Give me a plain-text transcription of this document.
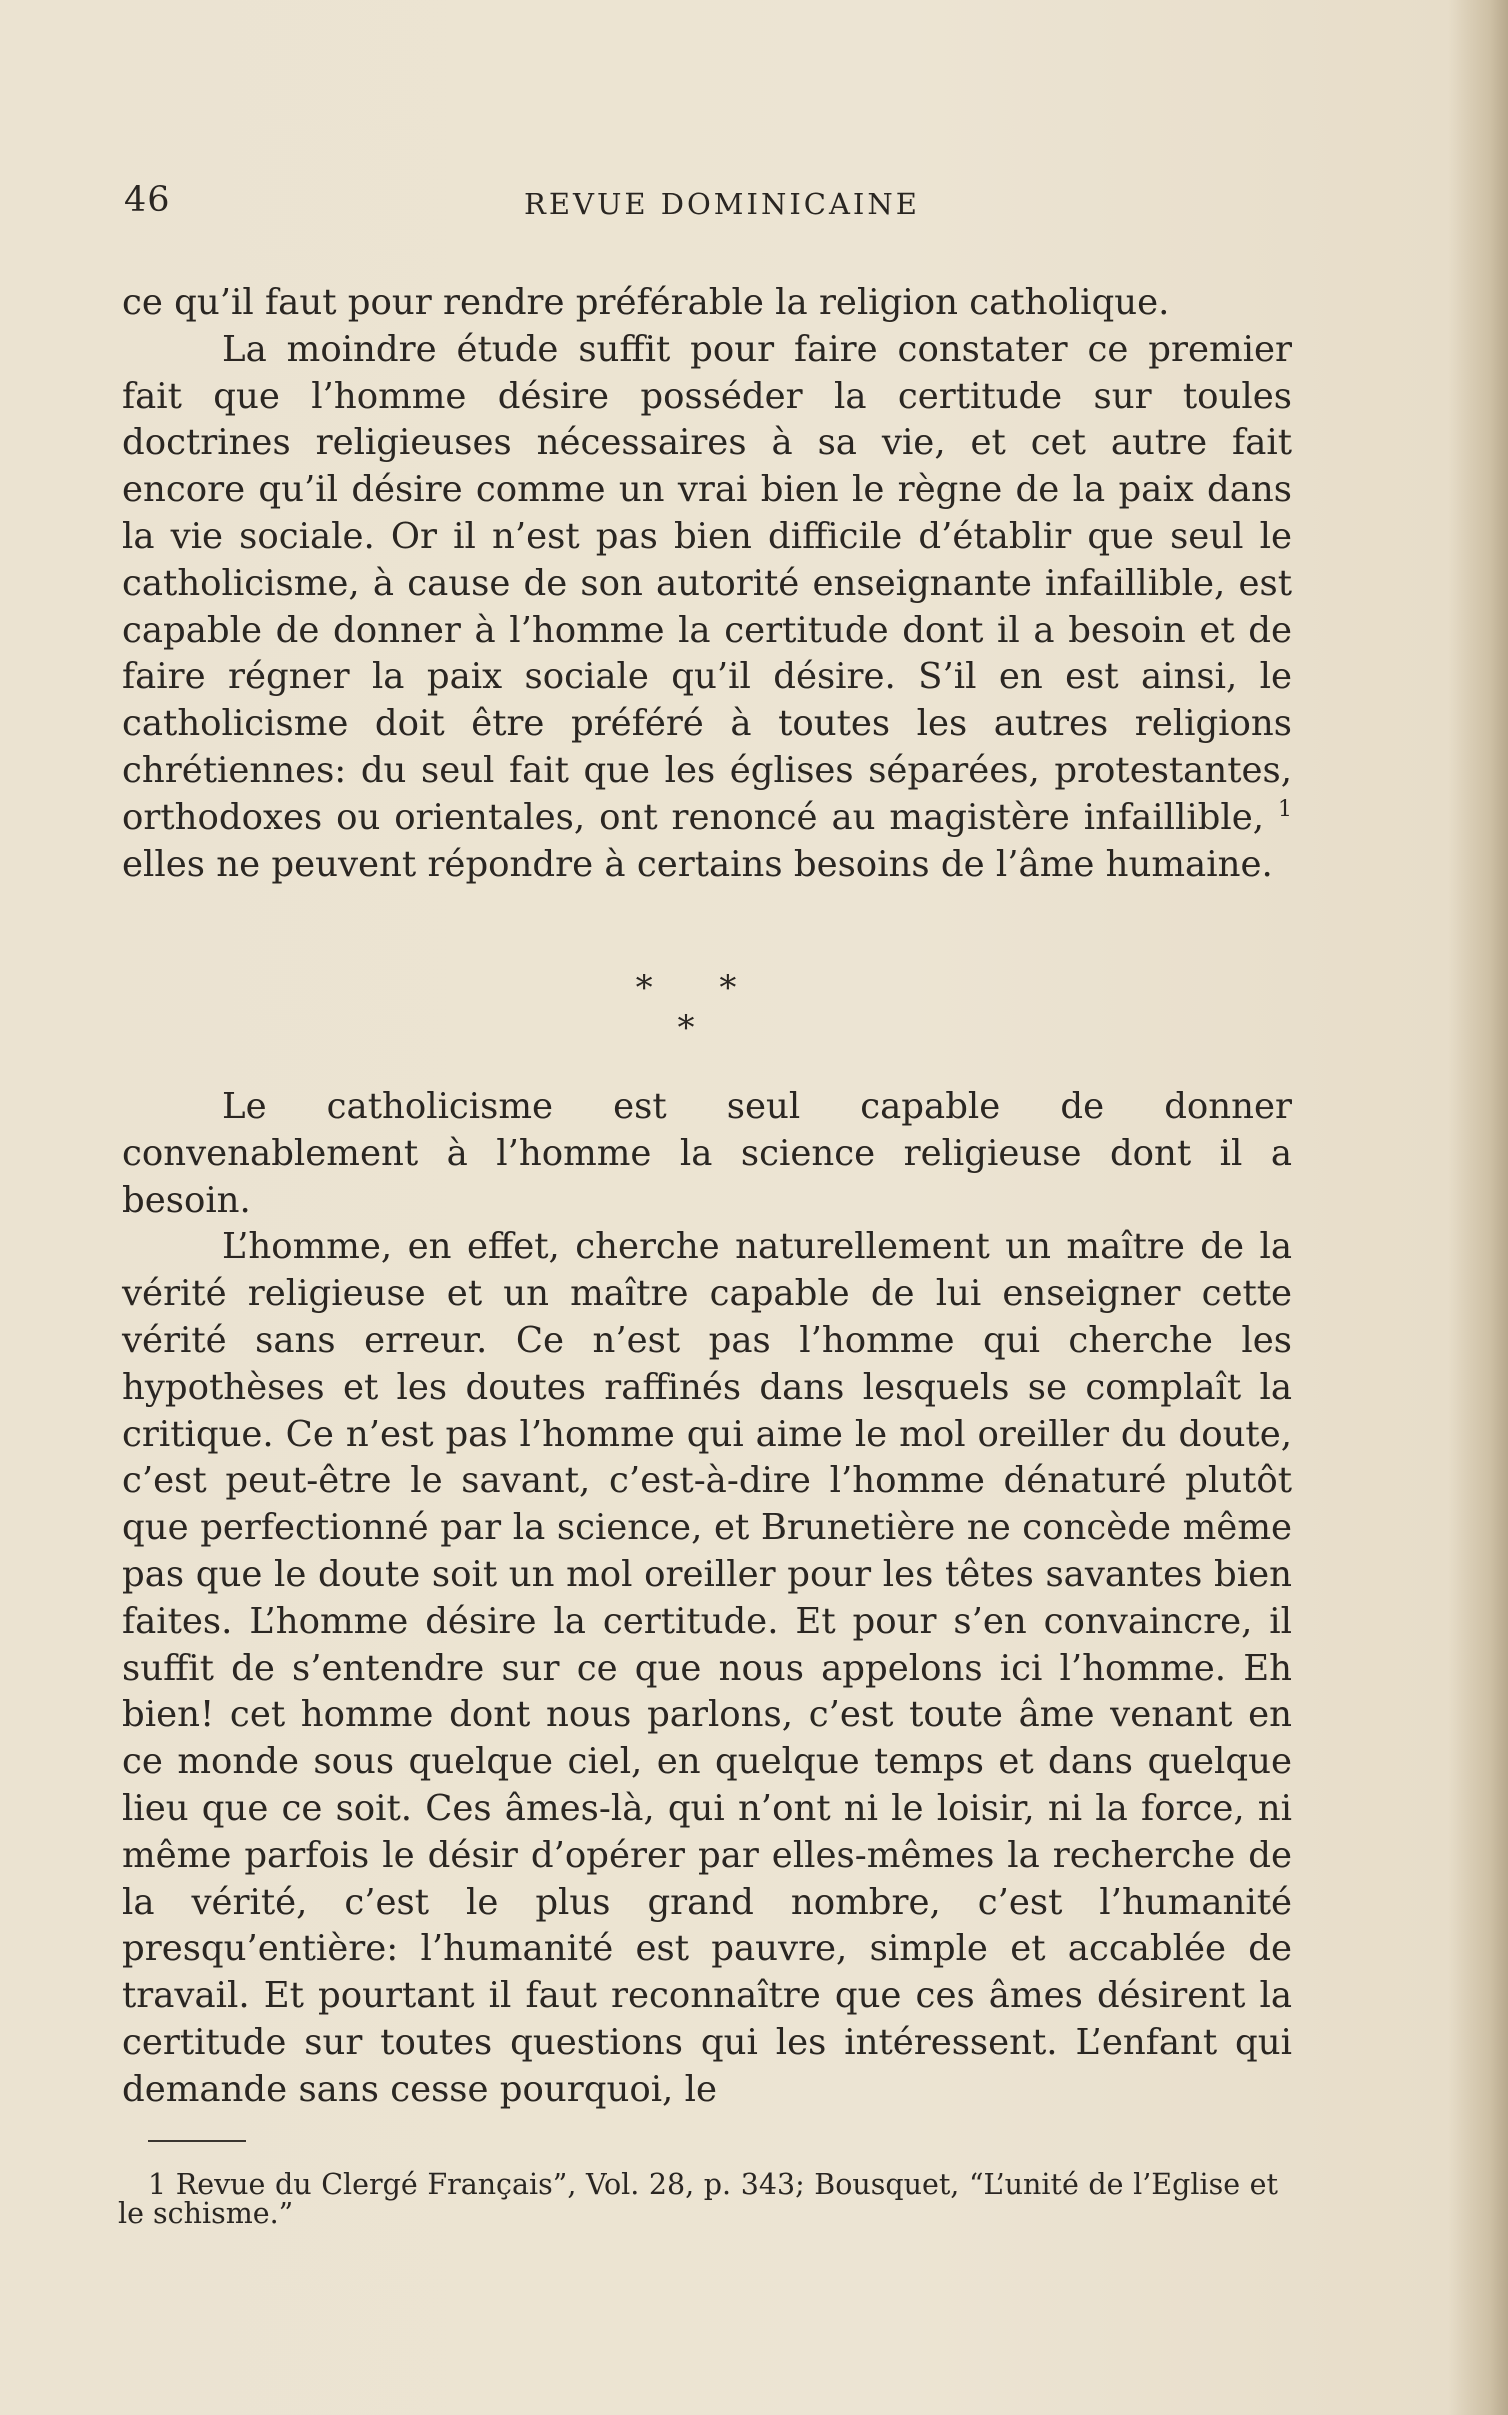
46	REVUE DOMINICAINE

ce qu’il faut pour rendre préférable la religion catholique.

La moindre étude suffit pour faire constater ce premier fait que l’homme désire posséder la certitude sur toules doctrines religieuses nécessaires à sa vie, et cet autre fait encore qu’il désire comme un vrai bien le règne de la paix dans la vie sociale. Or il n’est pas bien difficile d’établir que seul le catholicisme, à cause de son autorité enseignante infaillible, est capable de donner à l’homme la certitude dont il a besoin et de faire régner la paix sociale qu’il désire. S’il en est ainsi, le catholicisme doit être préféré à toutes les autres religions chrétiennes: du seul fait que les églises séparées, protestantes, orthodoxes ou orientales, ont renoncé au magistère infaillible, $^1$ elles ne peuvent répondre à certains besoins de l’âme humaine.

* * *

Le catholicisme est seul capable de donner convenablement à l’homme la science religieuse dont il a besoin.

L’homme, en effet, cherche naturellement un maître de la vérité religieuse et un maître capable de lui enseigner cette vérité sans erreur. Ce n’est pas l’homme qui cherche les hypothèses et les doutes raffinés dans lesquels se complaît la critique. Ce n’est pas l’homme qui aime le mol oreiller du doute, c’est peut-être le savant, c’est-à-dire l’homme dénaturé plutôt que perfectionné par la science, et Brunetière ne concède même pas que le doute soit un mol oreiller pour les têtes savantes bien faites. L’homme désire la certitude. Et pour s’en convaincre, il suffit de s’entendre sur ce que nous appelons ici l’homme. Eh bien! cet homme dont nous parlons, c’est toute âme venant en ce monde sous quelque ciel, en quelque temps et dans quelque lieu que ce soit. Ces âmes-là, qui n’ont ni le loisir, ni la force, ni même parfois le désir d’opérer par elles-mêmes la recherche de la vérité, c’est le plus grand nombre, c’est l’humanité presqu’entière: l’humanité est pauvre, simple et accablée de travail. Et pourtant il faut reconnaître que ces âmes désirent la certitude sur toutes questions qui les intéressent. L’enfant qui demande sans cesse pourquoi, le

1 Revue du Clergé Français”, Vol. 28, p. 343; Bousquet, “L’unité de l’Eglise et le schisme.”
